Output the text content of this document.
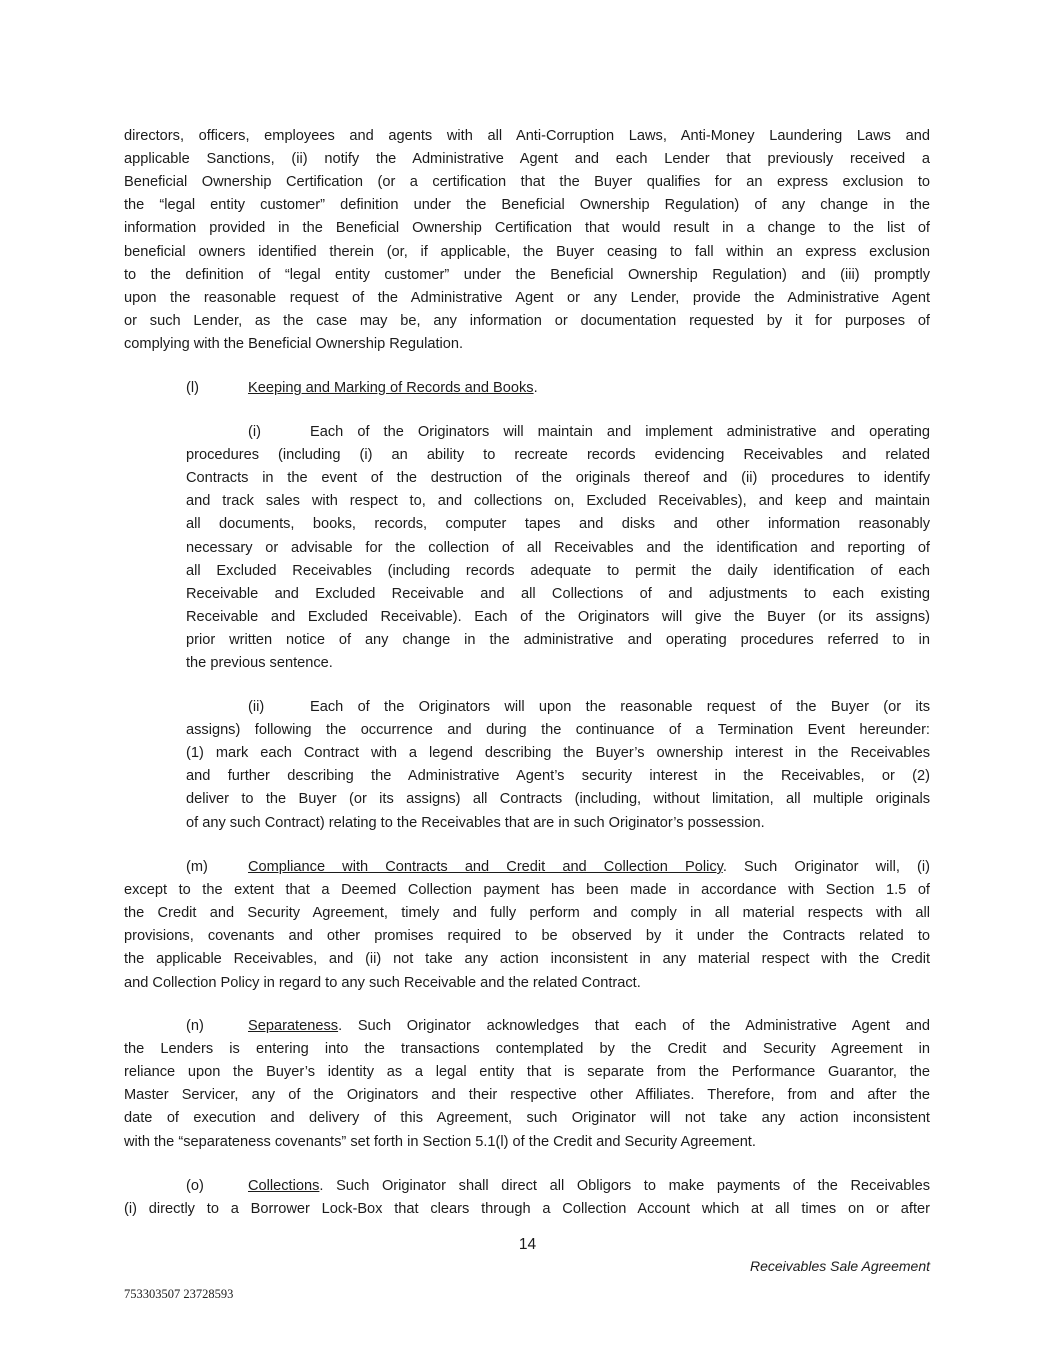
directors, officers, employees and agents with all Anti-Corruption Laws, Anti-Money Laundering Laws and
applicable Sanctions, (ii) notify the Administrative Agent and each Lender that previously received a
Beneficial Ownership Certification (or a certification that the Buyer qualifies for an express exclusion to
the “legal entity customer” definition under the Beneficial Ownership Regulation) of any change in the
information provided in the Beneficial Ownership Certification that would result in a change to the list of
beneficial owners identified therein (or, if applicable, the Buyer ceasing to fall within an express exclusion
to the definition of “legal entity customer” under the Beneficial Ownership Regulation) and (iii) promptly
upon the reasonable request of the Administrative Agent or any Lender, provide the Administrative Agent
or such Lender, as the case may be, any information or documentation requested by it for purposes of
complying with the Beneficial Ownership Regulation.
(l)	Keeping and Marking of Records and Books.
(i)	Each of the Originators will maintain and implement administrative and operating
procedures (including (i) an ability to recreate records evidencing Receivables and related
Contracts in the event of the destruction of the originals thereof and (ii) procedures to identify
and track sales with respect to, and collections on, Excluded Receivables), and keep and maintain
all documents, books, records, computer tapes and disks and other information reasonably
necessary or advisable for the collection of all Receivables and the identification and reporting of
all Excluded Receivables (including records adequate to permit the daily identification of each
Receivable and Excluded Receivable and all Collections of and adjustments to each existing
Receivable and Excluded Receivable). Each of the Originators will give the Buyer (or its assigns)
prior written notice of any change in the administrative and operating procedures referred to in
the previous sentence.
(ii)	Each of the Originators will upon the reasonable request of the Buyer (or its
assigns) following the occurrence and during the continuance of a Termination Event hereunder:
(1) mark each Contract with a legend describing the Buyer’s ownership interest in the Receivables
and further describing the Administrative Agent’s security interest in the Receivables, or (2)
deliver to the Buyer (or its assigns) all Contracts (including, without limitation, all multiple originals
of any such Contract) relating to the Receivables that are in such Originator’s possession.
(m)	Compliance with Contracts and Credit and Collection Policy. Such Originator will, (i)
except to the extent that a Deemed Collection payment has been made in accordance with Section 1.5 of
the Credit and Security Agreement, timely and fully perform and comply in all material respects with all
provisions, covenants and other promises required to be observed by it under the Contracts related to
the applicable Receivables, and (ii) not take any action inconsistent in any material respect with the Credit
and Collection Policy in regard to any such Receivable and the related Contract.
(n)	Separateness. Such Originator acknowledges that each of the Administrative Agent and
the Lenders is entering into the transactions contemplated by the Credit and Security Agreement in
reliance upon the Buyer’s identity as a legal entity that is separate from the Performance Guarantor, the
Master Servicer, any of the Originators and their respective other Affiliates. Therefore, from and after the
date of execution and delivery of this Agreement, such Originator will not take any action inconsistent
with the “separateness covenants” set forth in Section 5.1(l) of the Credit and Security Agreement.
(o)	Collections. Such Originator shall direct all Obligors to make payments of the Receivables
(i) directly to a Borrower Lock-Box that clears through a Collection Account which at all times on or after
14
Receivables Sale Agreement
753303507 23728593
